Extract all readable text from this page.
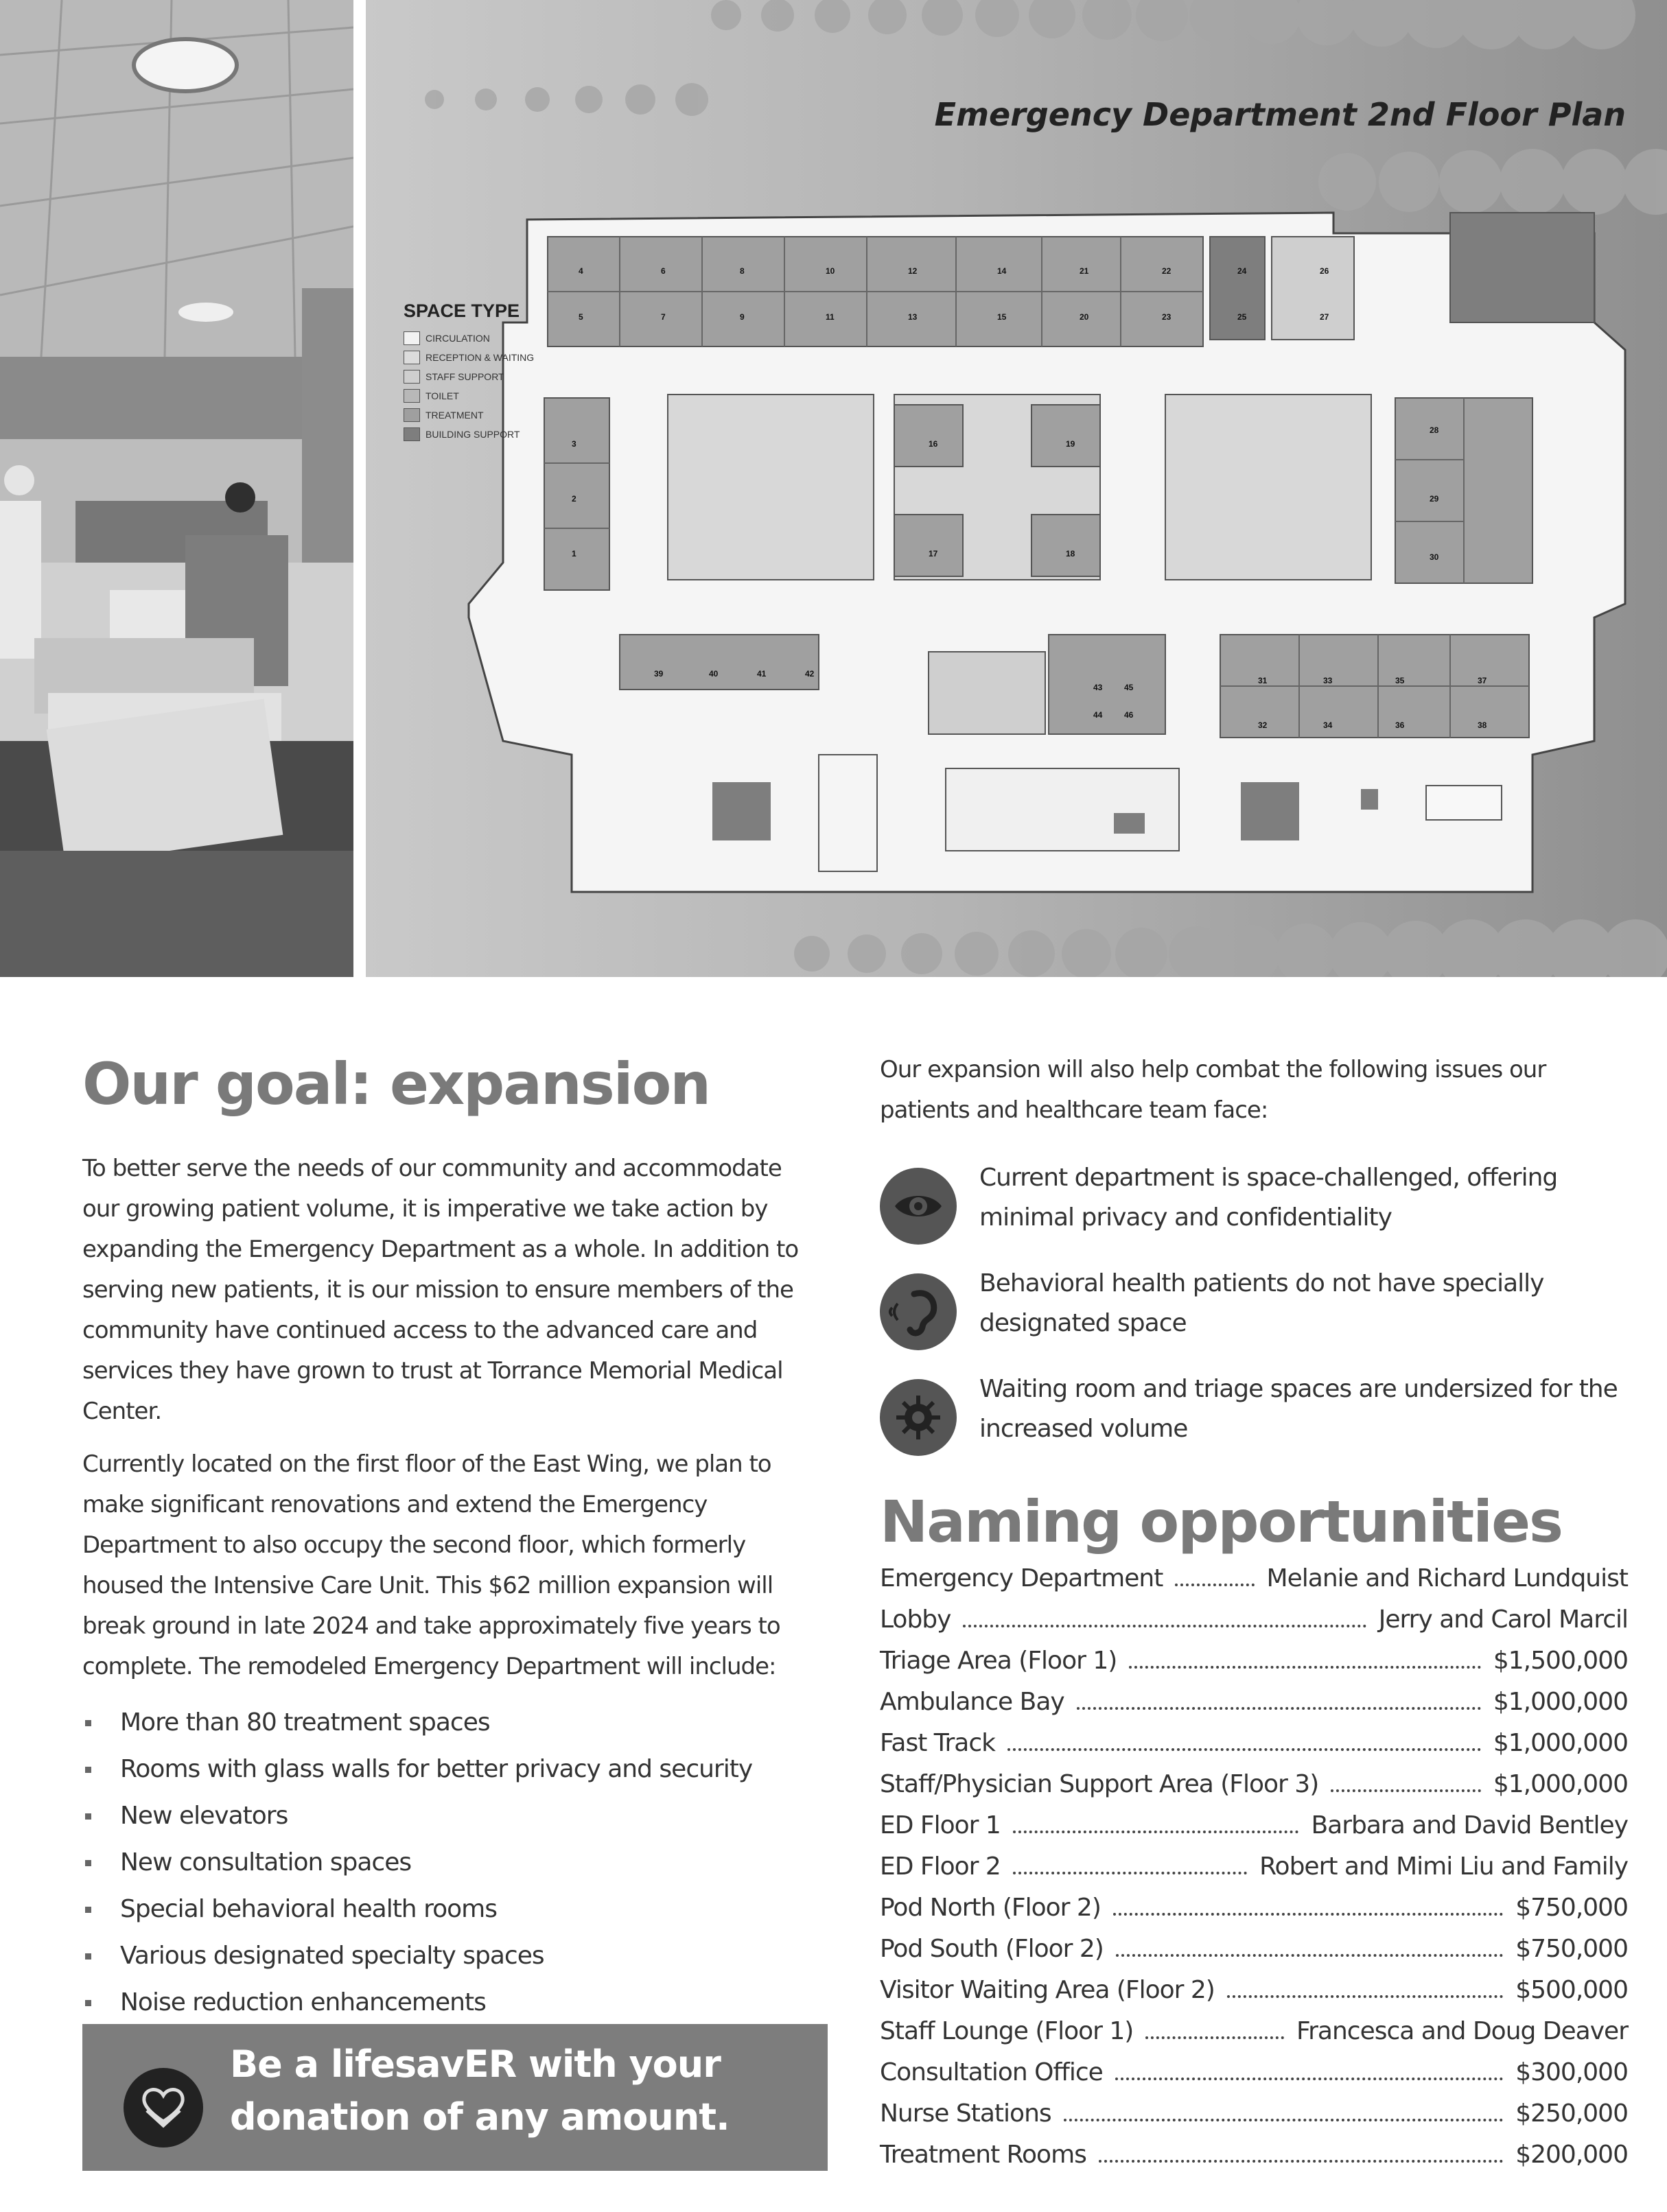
Emergency Department 2nd Floor Plan
SPACE TYPE
CIRCULATION
RECEPTION & WAITING
STAFF SUPPORT
TOILET
TREATMENT
BUILDING SUPPORT
4	6	8	10	12	14	21	22	24	26
5	7	9	11	13	15	20	23	25	27
3
2
1
16	19
17	18
28
29
30
39	40	41	42
43	45
44	46
31	33	35	37
32	34	36	38
Our goal: expansion

To better serve the needs of our community and accommodate our growing patient volume, it is imperative we take action by expanding the Emergency Department as a whole. In addition to serving new patients, it is our mission to ensure members of the community have continued access to the advanced care and services they have grown to trust at Torrance Memorial Medical Center.

Currently located on the first floor of the East Wing, we plan to make significant renovations and extend the Emergency Department to also occupy the second floor, which formerly housed the Intensive Care Unit. This $62 million expansion will break ground in late 2024 and take approximately five years to complete. The remodeled Emergency Department will include:

More than 80 treatment spaces
Rooms with glass walls for better privacy and security
New elevators
New consultation spaces
Special behavioral health rooms
Various designated specialty spaces
Noise reduction enhancements
Be a lifesavER with your
donation of any amount.

Our expansion will also help combat the following issues our patients and healthcare team face:

Current department is space-challenged, offering minimal privacy and confidentiality

Behavioral health patients do not have specially designated space

Waiting room and triage spaces are undersized for the increased volume

Naming opportunities
Emergency Department	Melanie and Richard Lundquist
Lobby	Jerry and Carol Marcil
Triage Area (Floor 1)	$1,500,000
Ambulance Bay	$1,000,000
Fast Track	$1,000,000
Staff/Physician Support Area (Floor 3)	$1,000,000
ED Floor 1	Barbara and David Bentley
ED Floor 2	Robert and Mimi Liu and Family
Pod North (Floor 2)	$750,000
Pod South (Floor 2)	$750,000
Visitor Waiting Area (Floor 2)	$500,000
Staff Lounge (Floor 1)	Francesca and Doug Deaver
Consultation Office	$300,000
Nurse Stations	$250,000
Treatment Rooms	$200,000
